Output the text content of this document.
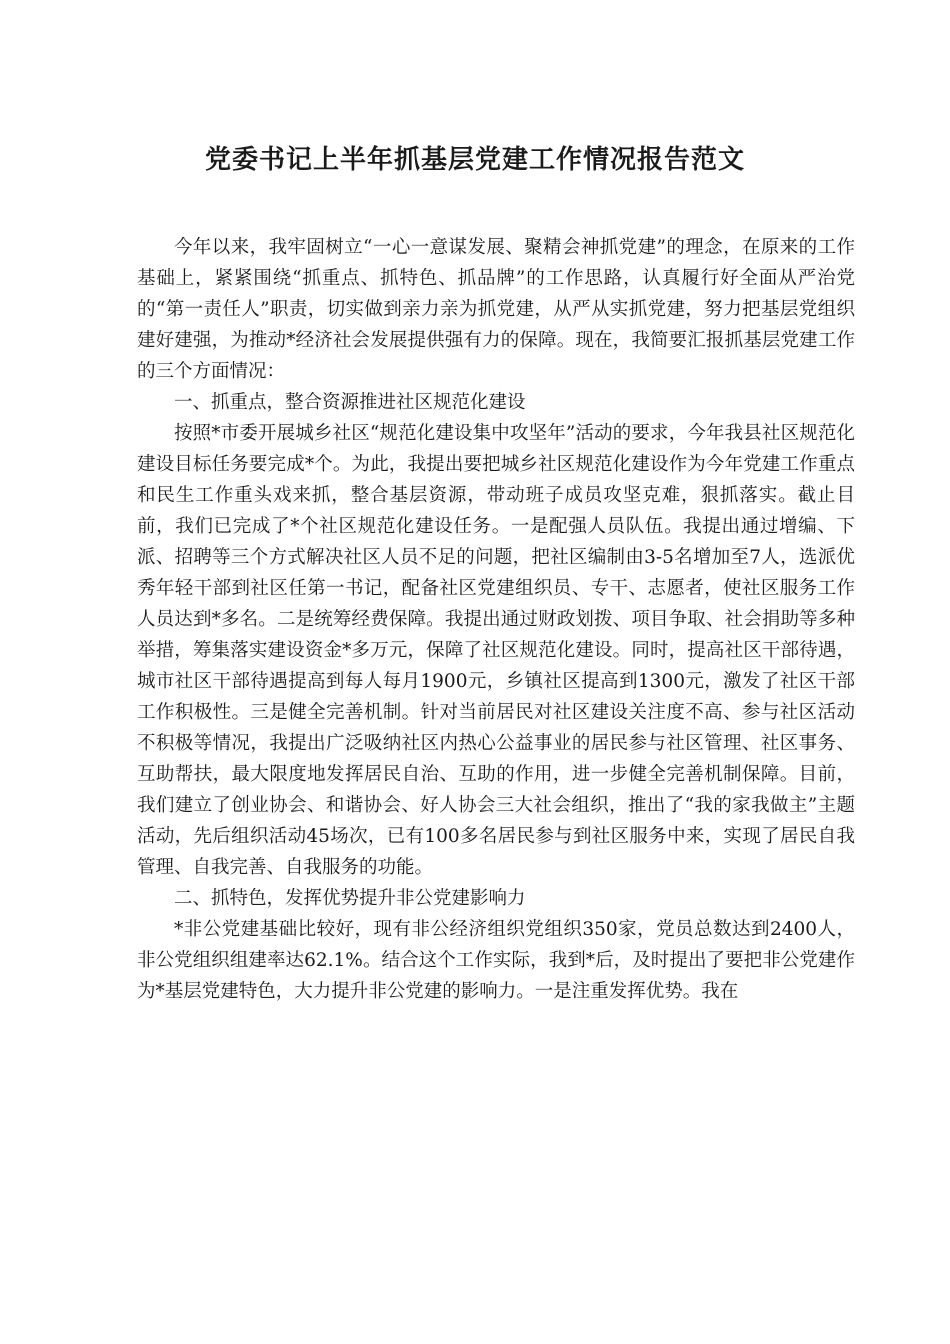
党委书记上半年抓基层党建工作情况报告范文

今年以来，我牢固树立“一心一意谋发展、聚精会神抓党建”的理念，在原来的工作基础上，紧紧围绕“抓重点、抓特色、抓品牌”的工作思路，认真履行好全面从严治党的“第一责任人”职责，切实做到亲力亲为抓党建，从严从实抓党建，努力把基层党组织建好建强，为推动*经济社会发展提供强有力的保障。现在，我简要汇报抓基层党建工作的三个方面情况：

一、抓重点，整合资源推进社区规范化建设

按照*市委开展城乡社区“规范化建设集中攻坚年”活动的要求，今年我县社区规范化建设目标任务要完成*个。为此，我提出要把城乡社区规范化建设作为今年党建工作重点和民生工作重头戏来抓，整合基层资源，带动班子成员攻坚克难，狠抓落实。截止目前，我们已完成了*个社区规范化建设任务。一是配强人员队伍。我提出通过增编、下派、招聘等三个方式解决社区人员不足的问题，把社区编制由3-5名增加至7人，选派优秀年轻干部到社区任第一书记，配备社区党建组织员、专干、志愿者，使社区服务工作人员达到*多名。二是统筹经费保障。我提出通过财政划拨、项目争取、社会捐助等多种举措，筹集落实建设资金*多万元，保障了社区规范化建设。同时，提高社区干部待遇，城市社区干部待遇提高到每人每月1900元，乡镇社区提高到1300元，激发了社区干部工作积极性。三是健全完善机制。针对当前居民对社区建设关注度不高、参与社区活动不积极等情况，我提出广泛吸纳社区内热心公益事业的居民参与社区管理、社区事务、互助帮扶，最大限度地发挥居民自治、互助的作用，进一步健全完善机制保障。目前，我们建立了创业协会、和谐协会、好人协会三大社会组织，推出了“我的家我做主”主题活动，先后组织活动45场次，已有100多名居民参与到社区服务中来，实现了居民自我管理、自我完善、自我服务的功能。

二、抓特色，发挥优势提升非公党建影响力

*非公党建基础比较好，现有非公经济组织党组织350家，党员总数达到2400人，非公党组织组建率达62.1%。结合这个工作实际，我到*后，及时提出了要把非公党建作为*基层党建特色，大力提升非公党建的影响力。一是注重发挥优势。我在
